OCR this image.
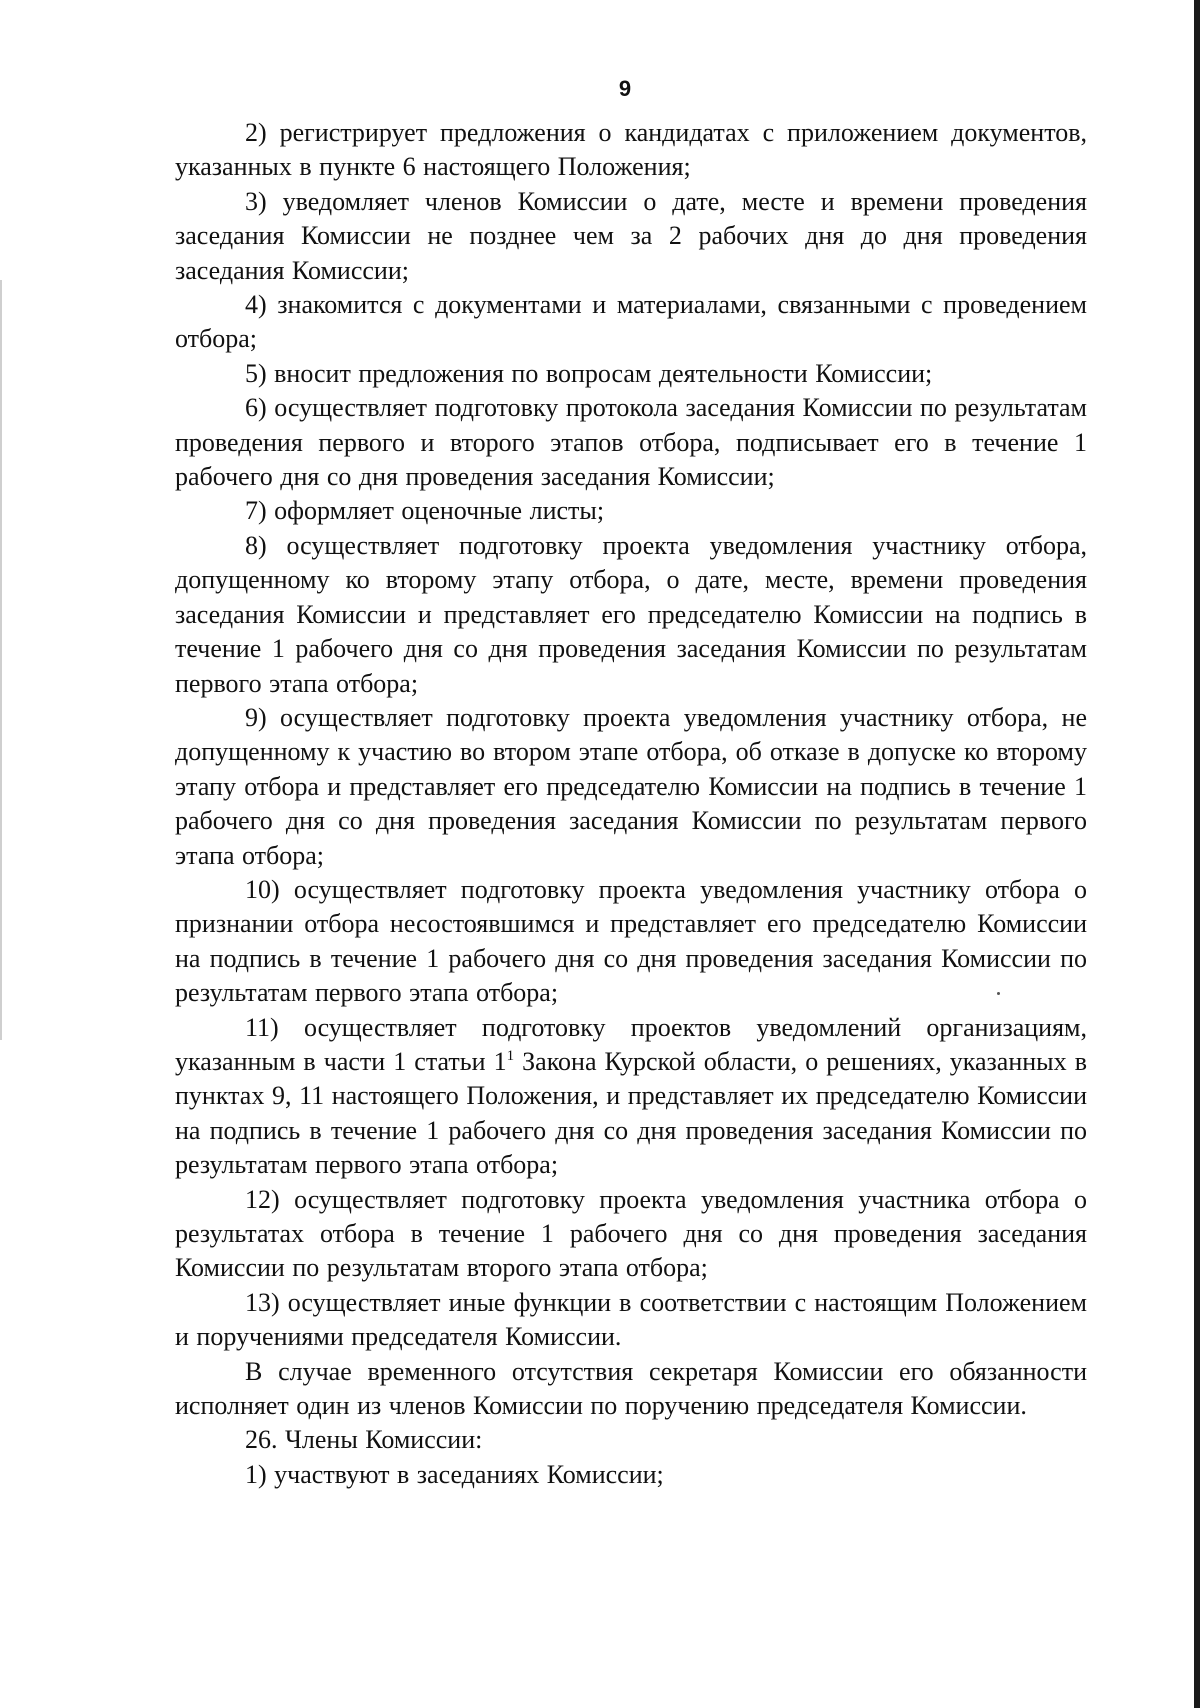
9

2) регистрирует предложения о кандидатах с приложением документов, указанных в пункте 6 настоящего Положения;

3) уведомляет членов Комиссии о дате, месте и времени проведения заседания Комиссии не позднее чем за 2 рабочих дня до дня проведения заседания Комиссии;

4) знакомится с документами и материалами, связанными с проведением отбора;

5) вносит предложения по вопросам деятельности Комиссии;

6) осуществляет подготовку протокола заседания Комиссии по результатам проведения первого и второго этапов отбора, подписывает его в течение 1 рабочего дня со дня проведения заседания Комиссии;

7) оформляет оценочные листы;

8) осуществляет подготовку проекта уведомления участнику отбора, допущенному ко второму этапу отбора, о дате, месте, времени проведения заседания Комиссии и представляет его председателю Комиссии на подпись в течение 1 рабочего дня со дня проведения заседания Комиссии по результатам первого этапа отбора;

9) осуществляет подготовку проекта уведомления участнику отбора, не допущенному к участию во втором этапе отбора, об отказе в допуске ко второму этапу отбора и представляет его председателю Комиссии на подпись в течение 1 рабочего дня со дня проведения заседания Комиссии по результатам первого этапа отбора;

10) осуществляет подготовку проекта уведомления участнику отбора о признании отбора несостоявшимся и представляет его председателю Комиссии на подпись в течение 1 рабочего дня со дня проведения заседания Комиссии по результатам первого этапа отбора;

11) осуществляет подготовку проектов уведомлений организациям, указанным в части 1 статьи $1^1$ Закона Курской области, о решениях, указанных в пунктах 9, 11 настоящего Положения, и представляет их председателю Комиссии на подпись в течение 1 рабочего дня со дня проведения заседания Комиссии по результатам первого этапа отбора;

12) осуществляет подготовку проекта уведомления участника отбора о результатах отбора в течение 1 рабочего дня со дня проведения заседания Комиссии по результатам второго этапа отбора;

13) осуществляет иные функции в соответствии с настоящим Положением и поручениями председателя Комиссии.

В случае временного отсутствия секретаря Комиссии его обязанности исполняет один из членов Комиссии по поручению председателя Комиссии.

26. Члены Комиссии:

1) участвуют в заседаниях Комиссии;
